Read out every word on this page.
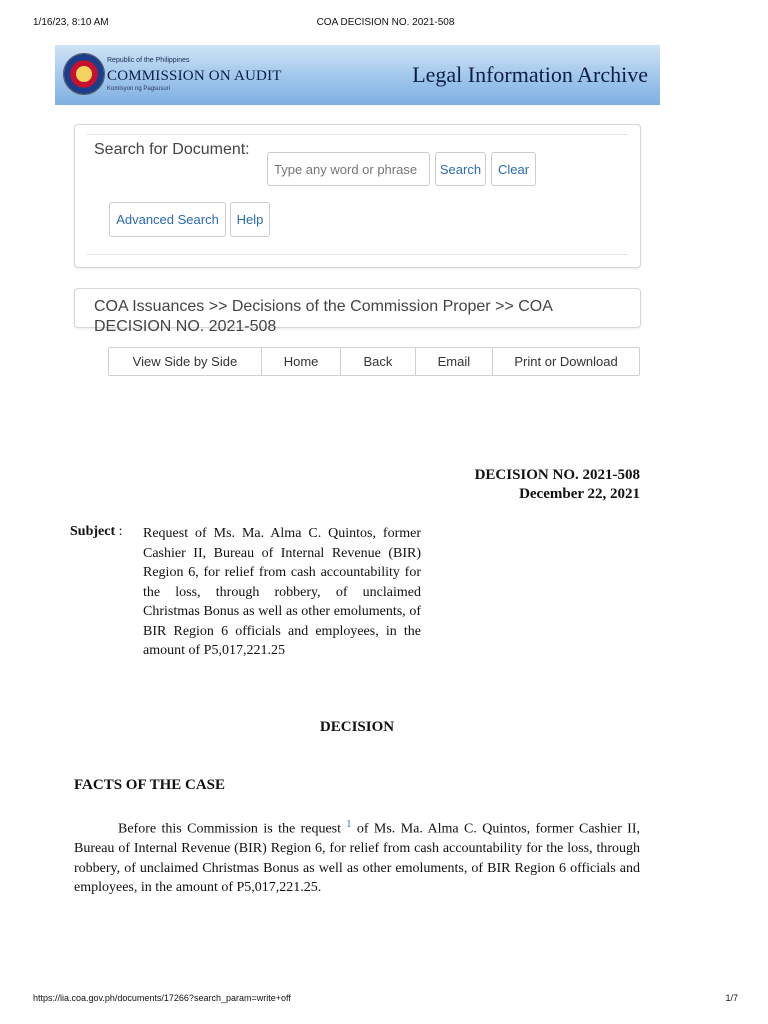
1/16/23, 8:10 AM	COA DECISION NO. 2021-508
Republic of the Philippines
COMMISSION ON AUDIT
Komisyon ng Pagsusuri
Legal Information Archive
Search for Document:
Type any word or phrase
Search	Clear
Advanced Search	Help
COA Issuances >> Decisions of the Commission Proper >> COA DECISION NO. 2021-508
View Side by Side	Home	Back	Email	Print or Download
DECISION NO. 2021-508
December 22, 2021
Subject : Request of Ms. Ma. Alma C. Quintos, former Cashier II, Bureau of Internal Revenue (BIR) Region 6, for relief from cash accountability for the loss, through robbery, of unclaimed Christmas Bonus as well as other emoluments, of BIR Region 6 officials and employees, in the amount of P5,017,221.25
DECISION
FACTS OF THE CASE
Before this Commission is the request $^1$ of Ms. Ma. Alma C. Quintos, former Cashier II, Bureau of Internal Revenue (BIR) Region 6, for relief from cash accountability for the loss, through robbery, of unclaimed Christmas Bonus as well as other emoluments, of BIR Region 6 officials and employees, in the amount of P5,017,221.25.
https://lia.coa.gov.ph/documents/17266?search_param=write+off	1/7
